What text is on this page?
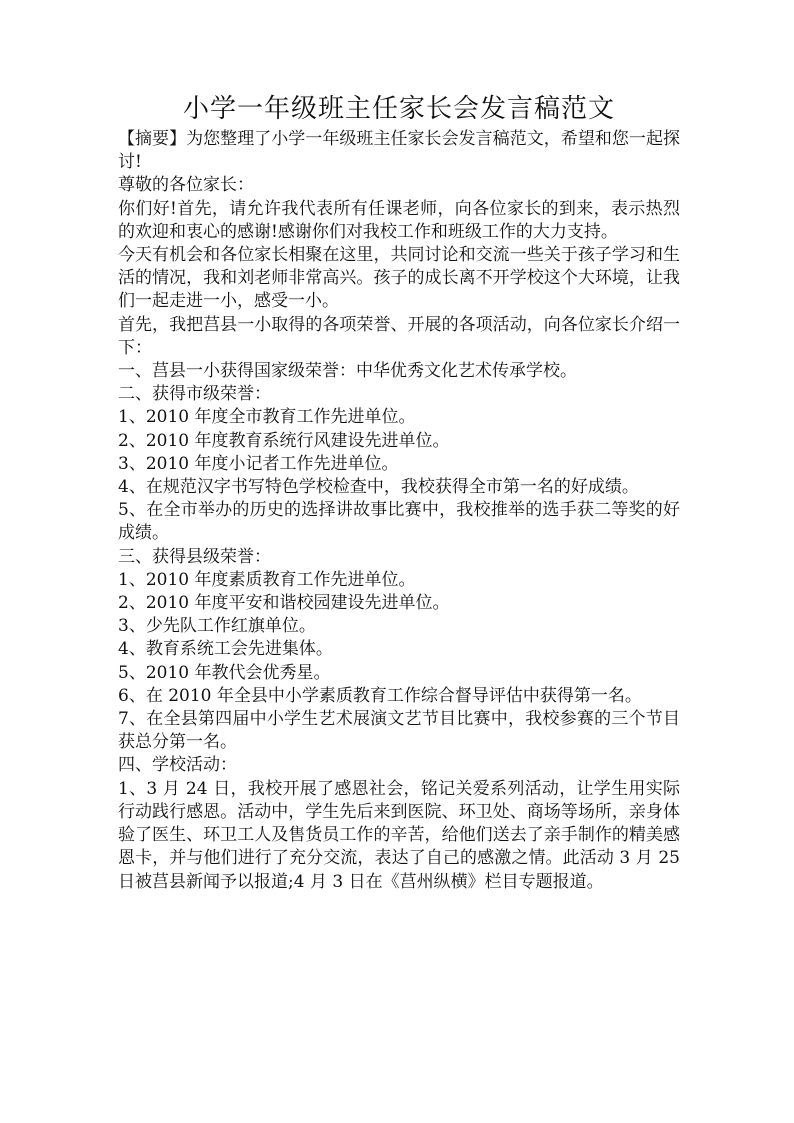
小学一年级班主任家长会发言稿范文

【摘要】为您整理了小学一年级班主任家长会发言稿范文，希望和您一起探讨!

尊敬的各位家长：

你们好!首先，请允许我代表所有任课老师，向各位家长的到来，表示热烈的欢迎和衷心的感谢!感谢你们对我校工作和班级工作的大力支持。

今天有机会和各位家长相聚在这里，共同讨论和交流一些关于孩子学习和生活的情况，我和刘老师非常高兴。孩子的成长离不开学校这个大环境，让我们一起走进一小，感受一小。

首先，我把莒县一小取得的各项荣誉、开展的各项活动，向各位家长介绍一下：

一、莒县一小获得国家级荣誉：中华优秀文化艺术传承学校。

二、获得市级荣誉：

1、2010 年度全市教育工作先进单位。

2、2010 年度教育系统行风建设先进单位。

3、2010 年度小记者工作先进单位。

4、在规范汉字书写特色学校检查中，我校获得全市第一名的好成绩。

5、在全市举办的历史的选择讲故事比赛中，我校推举的选手获二等奖的好成绩。

三、获得县级荣誉：

1、2010 年度素质教育工作先进单位。

2、2010 年度平安和谐校园建设先进单位。

3、少先队工作红旗单位。

4、教育系统工会先进集体。

5、2010 年教代会优秀星。

6、在 2010 年全县中小学素质教育工作综合督导评估中获得第一名。

7、在全县第四届中小学生艺术展演文艺节目比赛中，我校参赛的三个节目获总分第一名。

四、学校活动：

1、3 月 24 日，我校开展了感恩社会，铭记关爱系列活动，让学生用实际行动践行感恩。活动中，学生先后来到医院、环卫处、商场等场所，亲身体验了医生、环卫工人及售货员工作的辛苦，给他们送去了亲手制作的精美感恩卡，并与他们进行了充分交流，表达了自己的感激之情。此活动 3 月 25 日被莒县新闻予以报道;4 月 3 日在《莒州纵横》栏目专题报道。
